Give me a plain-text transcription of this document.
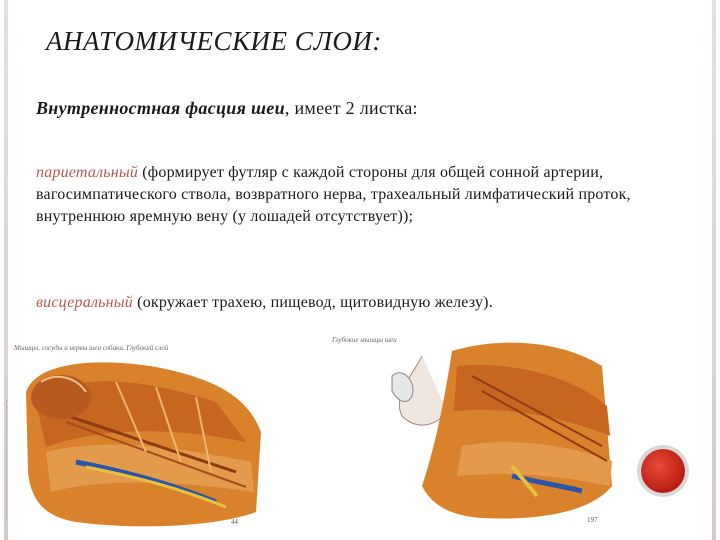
АНАТОМИЧЕСКИЕ СЛОИ:
Внутренностная фасция шеи, имеет 2 листка:
париетальный (формирует футляр с каждой стороны для общей сонной артерии, вагосимпатического ствола, возвратного нерва, трахеальный лимфатический проток, внутреннюю яремную вену (у лошадей отсутствует));
висцеральный (окружает трахею, пищевод, щитовидную железу).
Мышцы, сосуды и нервы шеи собаки. Глубокий слой
Глубокие мышцы шеи
44	197
